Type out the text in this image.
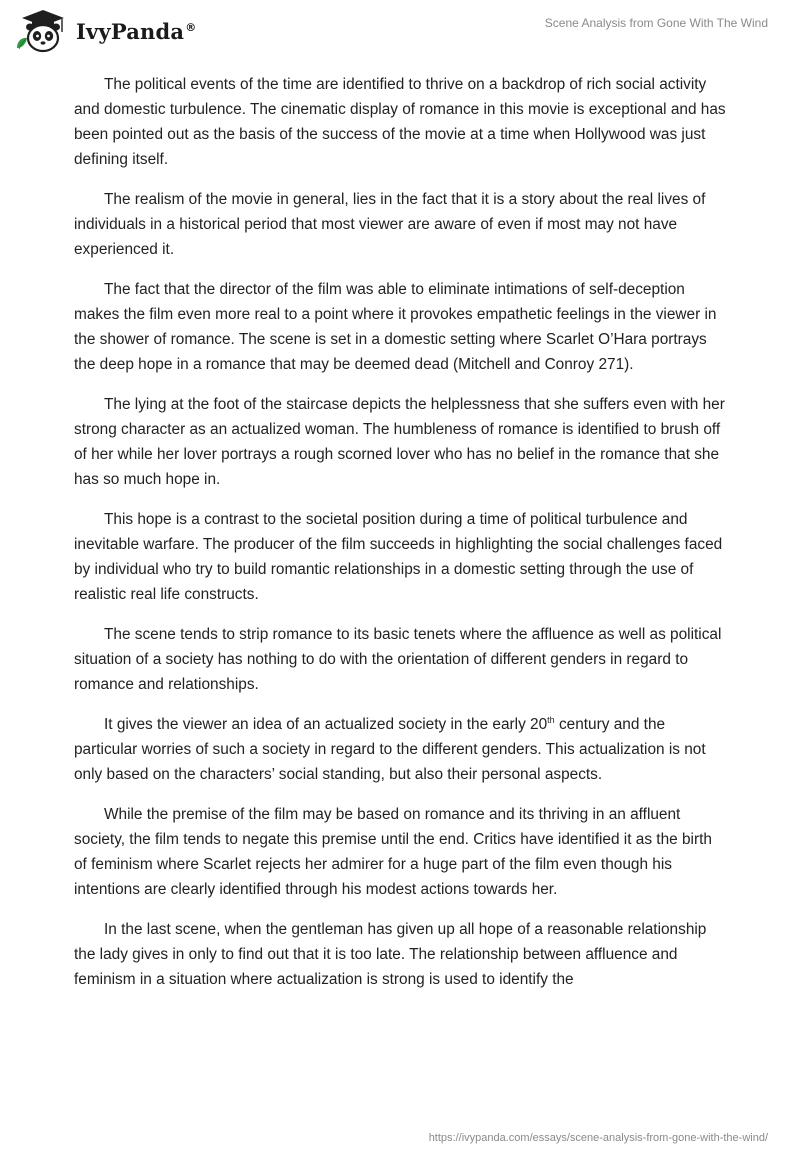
IvyPanda®	Scene Analysis from Gone With The Wind

The political events of the time are identified to thrive on a backdrop of rich social activity and domestic turbulence. The cinematic display of romance in this movie is exceptional and has been pointed out as the basis of the success of the movie at a time when Hollywood was just defining itself.

The realism of the movie in general, lies in the fact that it is a story about the real lives of individuals in a historical period that most viewer are aware of even if most may not have experienced it.

The fact that the director of the film was able to eliminate intimations of self-deception makes the film even more real to a point where it provokes empathetic feelings in the viewer in the shower of romance. The scene is set in a domestic setting where Scarlet O’Hara portrays the deep hope in a romance that may be deemed dead (Mitchell and Conroy 271).

The lying at the foot of the staircase depicts the helplessness that she suffers even with her strong character as an actualized woman. The humbleness of romance is identified to brush off of her while her lover portrays a rough scorned lover who has no belief in the romance that she has so much hope in.

This hope is a contrast to the societal position during a time of political turbulence and inevitable warfare. The producer of the film succeeds in highlighting the social challenges faced by individual who try to build romantic relationships in a domestic setting through the use of realistic real life constructs.

The scene tends to strip romance to its basic tenets where the affluence as well as political situation of a society has nothing to do with the orientation of different genders in regard to romance and relationships.

It gives the viewer an idea of an actualized society in the early 20th century and the particular worries of such a society in regard to the different genders. This actualization is not only based on the characters’ social standing, but also their personal aspects.

While the premise of the film may be based on romance and its thriving in an affluent society, the film tends to negate this premise until the end. Critics have identified it as the birth of feminism where Scarlet rejects her admirer for a huge part of the film even though his intentions are clearly identified through his modest actions towards her.

In the last scene, when the gentleman has given up all hope of a reasonable relationship the lady gives in only to find out that it is too late. The relationship between affluence and feminism in a situation where actualization is strong is used to identify the

https://ivypanda.com/essays/scene-analysis-from-gone-with-the-wind/
